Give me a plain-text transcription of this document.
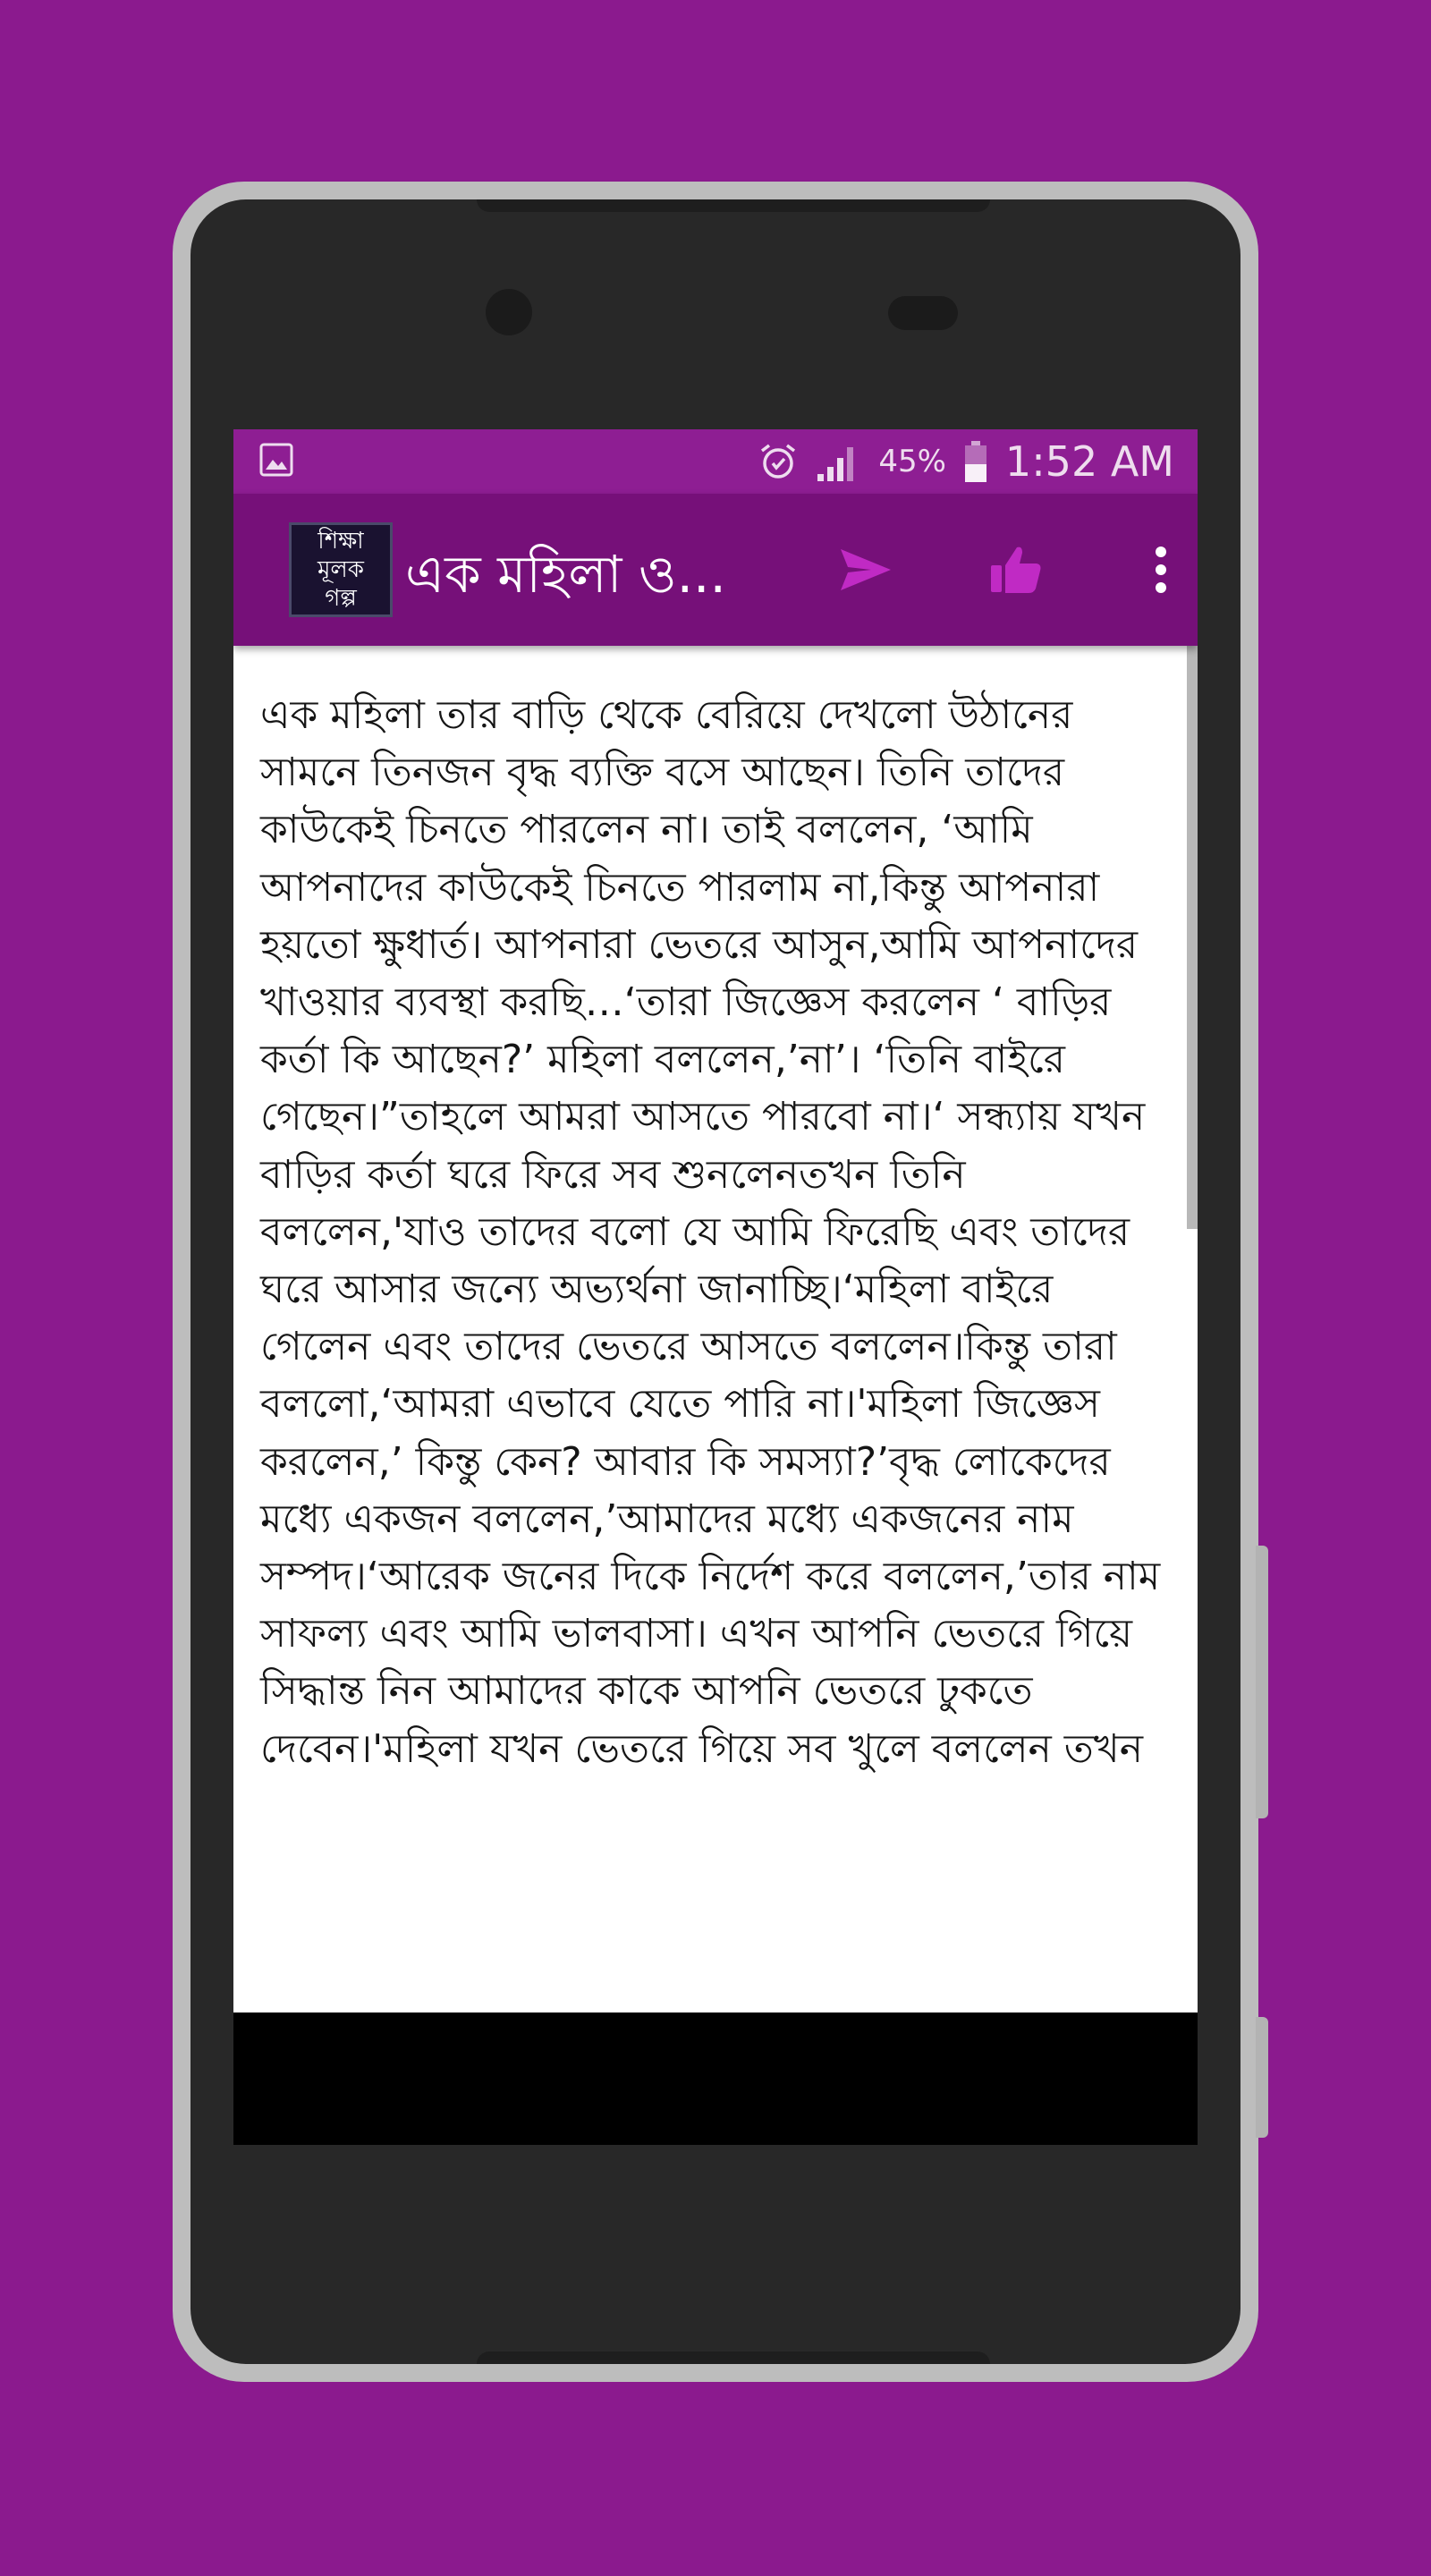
45% 1:52 AM
শিক্ষা মূলক
গল্প এক মহিলা ও...
এক মহিলা তার বাড়ি থেকে বেরিয়ে দেখলো উঠানের সামনে তিনজন বৃদ্ধ ব্যক্তি বসে আছেন। তিনি তাদের কাউকেই চিনতে পারলেন না। তাই বললেন, ‘আমি আপনাদের কাউকেই চিনতে পারলাম না,কিন্তু আপনারা হয়তো ক্ষুধার্ত। আপনারা ভেতরে আসুন,আমি আপনাদের খাওয়ার ব্যবস্থা করছি…‘তারা জিজ্ঞেস করলেন ‘ বাড়ির কর্তা কি আছেন?’ মহিলা বললেন,’না’। ‘তিনি বাইরে গেছেন।”তাহলে আমরা আসতে পারবো না।‘ সন্ধ্যায় যখন বাড়ির কর্তা ঘরে ফিরে সব শুনলেনতখন তিনি বললেন,'যাও তাদের বলো যে আমি ফিরেছি এবং তাদের ঘরে আসার জন্যে অভ্যর্থনা জানাচ্ছি।‘মহিলা বাইরে গেলেন এবং তাদের ভেতরে আসতে বললেন।কিন্তু তারা বললো,‘আমরা এভাবে যেতে পারি না।'মহিলা জিজ্ঞেস করলেন,’ কিন্তু কেন? আবার কি সমস্যা?’বৃদ্ধ লোকেদের মধ্যে একজন বললেন,’আমাদের মধ্যে একজনের নাম সম্পদ।‘আরেক জনের দিকে নির্দেশ করে বললেন,’তার নাম সাফল্য এবং আমি ভালবাসা। এখন আপনি ভেতরে গিয়ে সিদ্ধান্ত নিন আমাদের কাকে আপনি ভেতরে ঢুকতে দেবেন।'মহিলা যখন ভেতরে গিয়ে সব খুলে বললেন তখন
